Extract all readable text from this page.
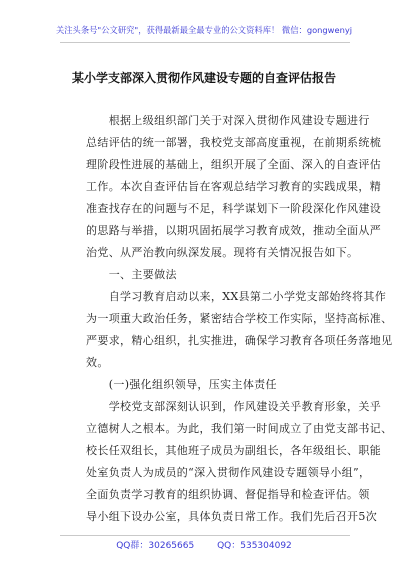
关注头条号"公文研究"，获得最新最全最专业的公文资料库！ 微信：gongwenyj
某小学支部深入贯彻作风建设专题的自查评估报告
　　根据上级组织部门关于对深入贯彻作风建设专题进行
总结评估的统一部署，我校党支部高度重视，在前期系统梳
理阶段性进展的基础上，组织开展了全面、深入的自查评估
工作。本次自查评估旨在客观总结学习教育的实践成果，精
准查找存在的问题与不足，科学谋划下一阶段深化作风建设
的思路与举措，以期巩固拓展学习教育成效，推动全面从严
治党、从严治教向纵深发展。现将有关情况报告如下。
　　一、主要做法
　　自学习教育启动以来，XX县第二小学党支部始终将其作
为一项重大政治任务，紧密结合学校工作实际，坚持高标准、
严要求，精心组织，扎实推进，确保学习教育各项任务落地见
效。
　　(一)强化组织领导，压实主体责任
　　学校党支部深刻认识到，作风建设关乎教育形象，关乎
立德树人之根本。为此，我们第一时间成立了由党支部书记、
校长任双组长，其他班子成员为副组长，各年级组长、职能
处室负责人为成员的“深入贯彻作风建设专题领导小组”，
全面负责学习教育的组织协调、督促指导和检查评估。领
导小组下设办公室，具体负责日常工作。我们先后召开5次
QQ群：30265665	QQ：535304092
